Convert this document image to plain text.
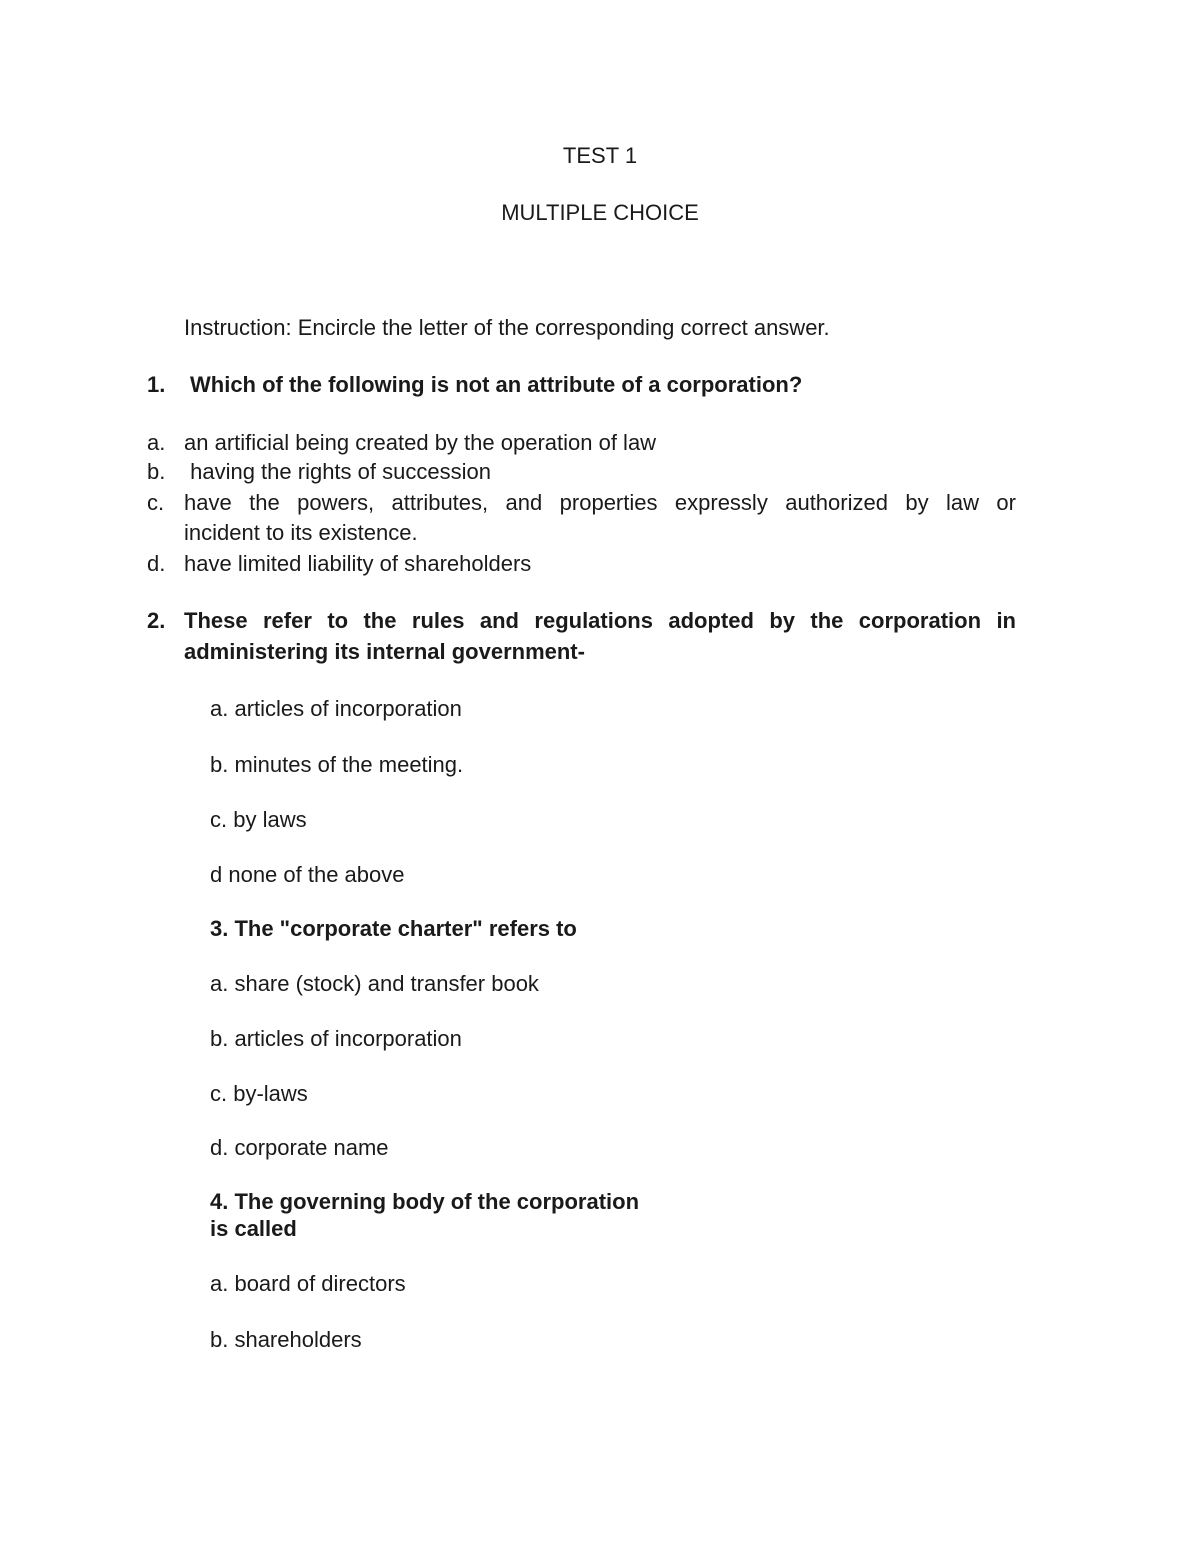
TEST 1
MULTIPLE CHOICE
Instruction: Encircle the letter of the corresponding correct answer.
1. Which of the following is not an attribute of a corporation?
a. an artificial being created by the operation of law
b. having the rights of succession
c. have the powers, attributes, and properties expressly authorized by law or
incident to its existence.
d. have limited liability of shareholders
2. These refer to the rules and regulations adopted by the corporation in
administering its internal government-
a. articles of incorporation
b. minutes of the meeting.
c. by laws
d none of the above
3. The "corporate charter" refers to
a. share (stock) and transfer book
b. articles of incorporation
c. by-laws
d. corporate name
4. The governing body of the corporation
is called
a. board of directors
b. shareholders
